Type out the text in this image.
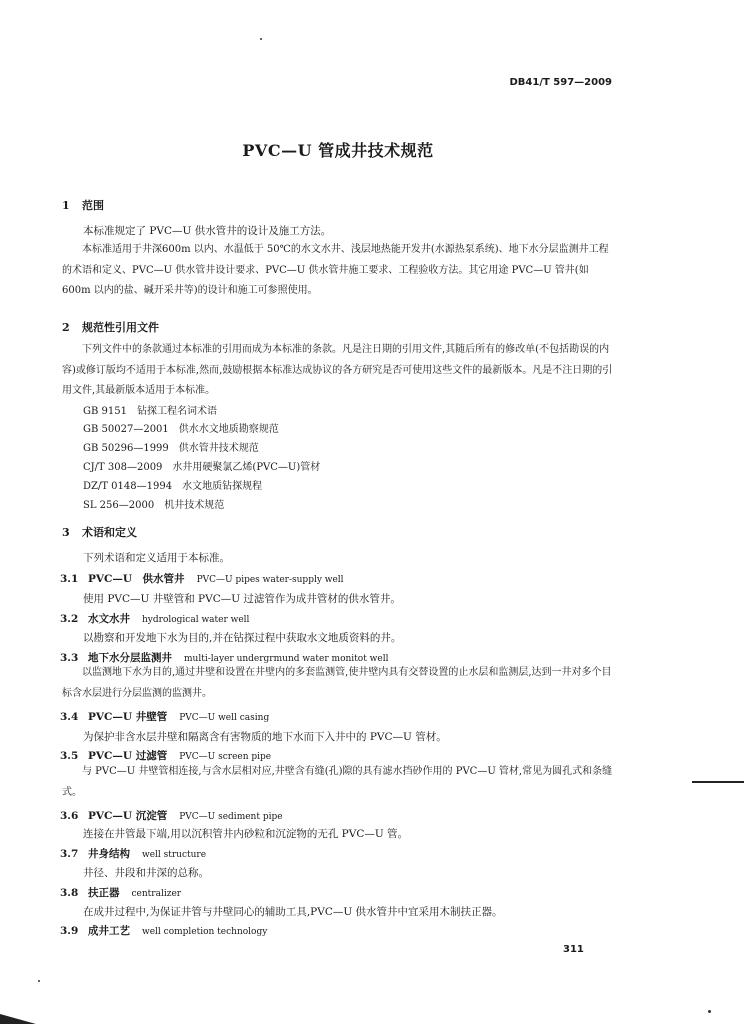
DB41/T 597—2009
PVC—U 管成井技术规范
1 范围
本标准规定了 PVC—U 供水管井的设计及施工方法。
本标准适用于井深600m 以内、水温低于 50℃的水文水井、浅层地热能开发井(水源热泵系统)、地下水分层监测井工程的术语和定义、PVC—U 供水管井设计要求、PVC—U 供水管井施工要求、工程验收方法。其它用途 PVC—U 管井(如 600m 以内的盐、碱开采井等)的设计和施工可参照使用。
2 规范性引用文件
下列文件中的条款通过本标准的引用而成为本标准的条款。凡是注日期的引用文件,其随后所有的修改单(不包括勘误的内容)或修订版均不适用于本标准,然而,鼓励根据本标准达成协议的各方研究是否可使用这些文件的最新版本。凡是不注日期的引用文件,其最新版本适用于本标准。
GB 9151　钻探工程名词术语
GB 50027—2001　供水水文地质勘察规范
GB 50296—1999　供水管井技术规范
CJ/T 308—2009　水井用硬聚氯乙烯(PVC—U)管材
DZ/T 0148—1994　水文地质钻探规程
SL 256—2000　机井技术规范
3 术语和定义
下列术语和定义适用于本标准。
3.1 PVC—U　供水管井 PVC—U pipes water-supply well
使用 PVC—U 井壁管和 PVC—U 过滤管作为成井管材的供水管井。
3.2 水文水井 hydrological water well
以勘察和开发地下水为目的,并在钻探过程中获取水文地质资料的井。
3.3 地下水分层监测井 multi-layer undergrmund water monitot well
以监测地下水为目的,通过井壁和设置在井壁内的多套监测管,使井壁内具有交替设置的止水层和监测层,达到一井对多个目标含水层进行分层监测的监测井。
3.4 PVC—U 井壁管 PVC—U well casing
为保护非含水层井壁和隔离含有害物质的地下水而下入井中的 PVC—U 管材。
3.5 PVC—U 过滤管 PVC—U screen pipe
与 PVC—U 井壁管相连接,与含水层相对应,井壁含有缝(孔)隙的具有滤水挡砂作用的 PVC—U 管材,常见为圆孔式和条缝式。
3.6 PVC—U 沉淀管 PVC—U sediment pipe
连接在井管最下端,用以沉积管井内砂粒和沉淀物的无孔 PVC—U 管。
3.7 井身结构 well structure
井径、井段和井深的总称。
3.8 扶正器 centralizer
在成井过程中,为保证井管与井壁同心的辅助工具,PVC—U 供水管井中宜采用木制扶正器。
3.9 成井工艺 well completion technology
311
